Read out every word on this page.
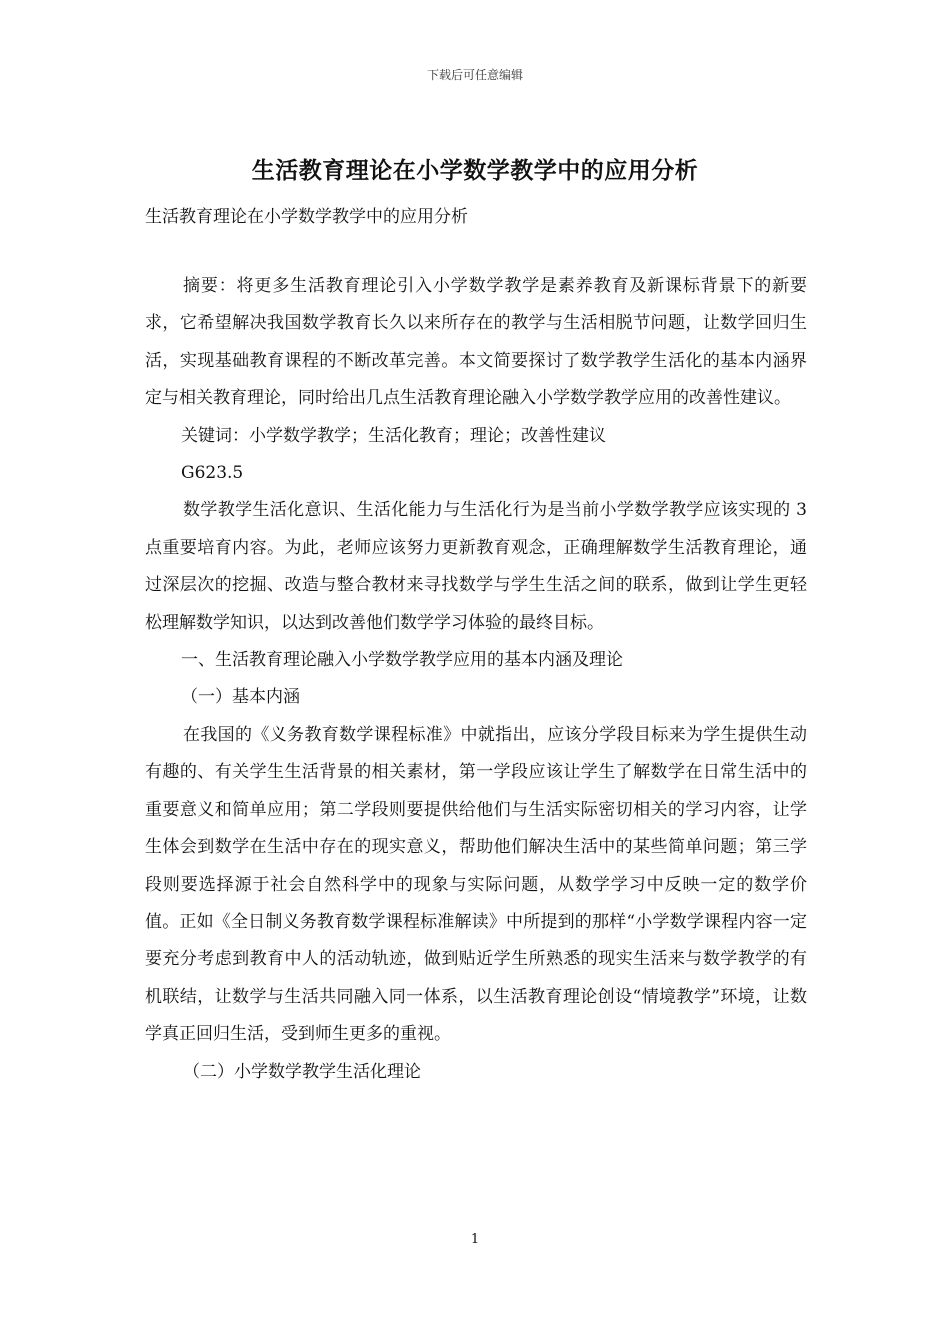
下载后可任意编辑
生活教育理论在小学数学教学中的应用分析
生活教育理论在小学数学教学中的应用分析

摘要：将更多生活教育理论引入小学数学教学是素养教育及新课标背景下的新要求，它希望解决我国数学教育长久以来所存在的教学与生活相脱节问题，让数学回归生活，实现基础教育课程的不断改革完善。本文简要探讨了数学教学生活化的基本内涵界定与相关教育理论，同时给出几点生活教育理论融入小学数学教学应用的改善性建议。

关键词：小学数学教学；生活化教育；理论；改善性建议

G623.5

数学教学生活化意识、生活化能力与生活化行为是当前小学数学教学应该实现的 3 点重要培育内容。为此，老师应该努力更新教育观念，正确理解数学生活教育理论，通过深层次的挖掘、改造与整合教材来寻找数学与学生生活之间的联系，做到让学生更轻松理解数学知识，以达到改善他们数学学习体验的最终目标。

一、生活教育理论融入小学数学教学应用的基本内涵及理论

（一）基本内涵

在我国的《义务教育数学课程标准》中就指出，应该分学段目标来为学生提供生动有趣的、有关学生生活背景的相关素材，第一学段应该让学生了解数学在日常生活中的重要意义和简单应用；第二学段则要提供给他们与生活实际密切相关的学习内容，让学生体会到数学在生活中存在的现实意义，帮助他们解决生活中的某些简单问题；第三学段则要选择源于社会自然科学中的现象与实际问题，从数学学习中反映一定的数学价值。正如《全日制义务教育数学课程标准解读》中所提到的那样“小学数学课程内容一定要充分考虑到教育中人的活动轨迹，做到贴近学生所熟悉的现实生活来与数学教学的有机联结，让数学与生活共同融入同一体系，以生活教育理论创设“情境教学”环境，让数学真正回归生活，受到师生更多的重视。

（二）小学数学教学生活化理论

1
